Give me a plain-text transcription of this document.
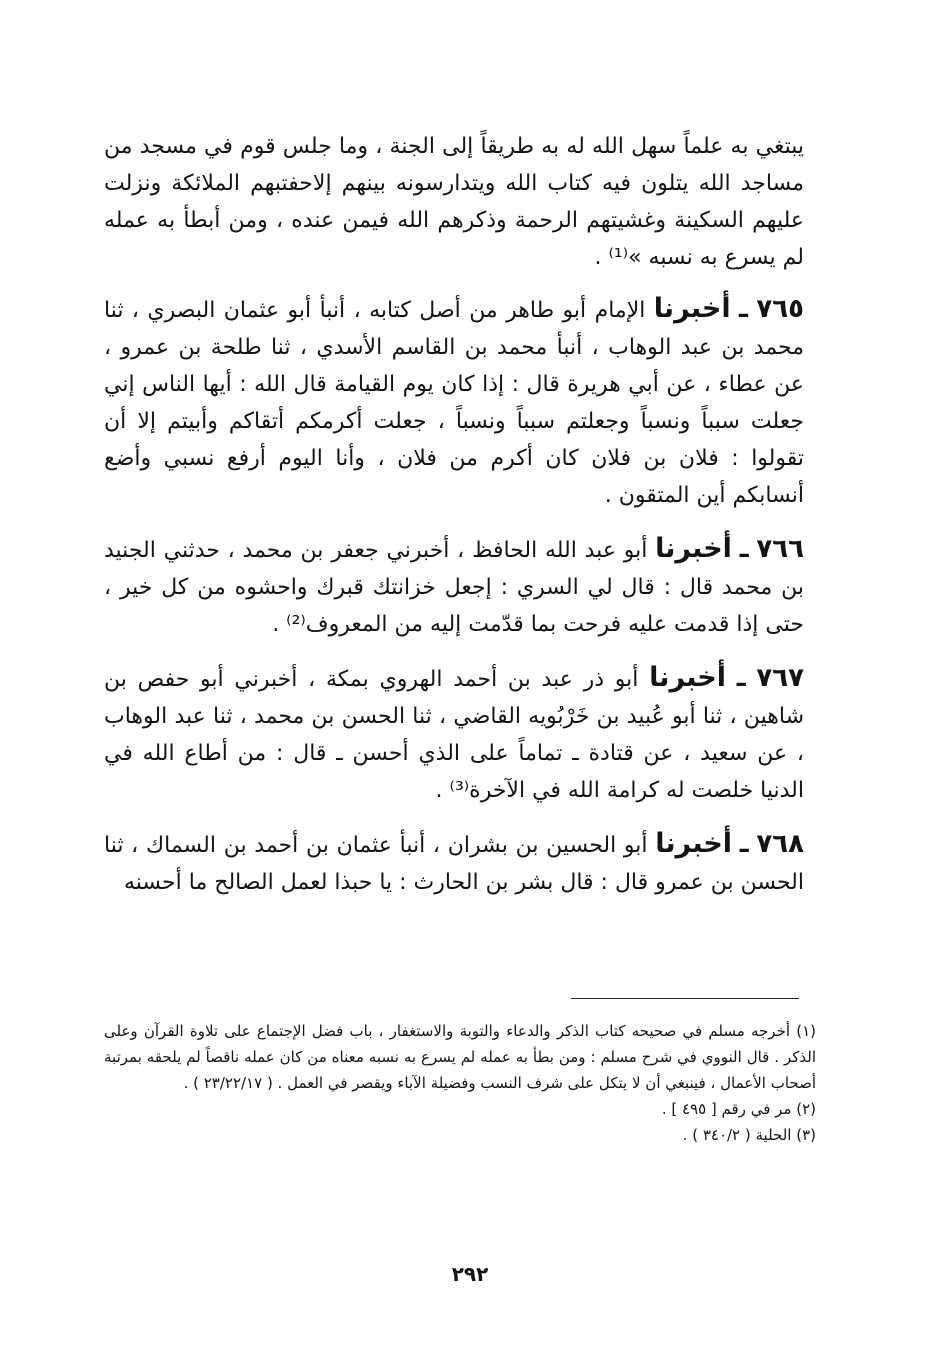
يبتغي به علماً سهل الله له به طريقاً إلى الجنة ، وما جلس قوم في مسجد من مساجد الله يتلون فيه كتاب الله ويتدارسونه بينهم إلاحفتبهم الملائكة ونزلت عليهم السكينة وغشيتهم الرحمة وذكرهم الله فيمن عنده ، ومن أبطأ به عمله لم يسرع به نسبه »⁽¹⁾ .

٧٦٥ ـ أخبرنا الإمام أبو طاهر من أصل كتابه ، أنبأ أبو عثمان البصري ، ثنا محمد بن عبد الوهاب ، أنبأ محمد بن القاسم الأسدي ، ثنا طلحة بن عمرو ، عن عطاء ، عن أبي هريرة قال : إذا كان يوم القيامة قال الله : أيها الناس إني جعلت سبباً ونسباً وجعلتم سبباً ونسباً ، جعلت أكرمكم أتقاكم وأبيتم إلا أن تقولوا : فلان بن فلان كان أكرم من فلان ، وأنا اليوم أرفع نسبي وأضع أنسابكم أين المتقون .

٧٦٦ ـ أخبرنا أبو عبد الله الحافظ ، أخبرني جعفر بن محمد ، حدثني الجنيد بن محمد قال : قال لي السري : إجعل خزانتك قبرك واحشوه من كل خير ، حتى إذا قدمت عليه فرحت بما قدّمت إليه من المعروف⁽²⁾ .

٧٦٧ ـ أخبرنا أبو ذر عبد بن أحمد الهروي بمكة ، أخبرني أبو حفص بن شاهين ، ثنا أبو عُبيد بن خَرْبُويه القاضي ، ثنا الحسن بن محمد ، ثنا عبد الوهاب ، عن سعيد ، عن قتادة ـ تماماً على الذي أحسن ـ قال : من أطاع الله في الدنيا خلصت له كرامة الله في الآخرة⁽³⁾ .

٧٦٨ ـ أخبرنا أبو الحسين بن بشران ، أنبأ عثمان بن أحمد بن السماك ، ثنا الحسن بن عمرو قال : قال بشر بن الحارث : يا حبذا لعمل الصالح ما أحسنه

(١) أخرجه مسلم في صحيحه كتاب الذكر والدعاء والتوبة والاستغفار ، باب فضل الإجتماع على تلاوة القرآن وعلى الذكر . قال النووي في شرح مسلم : ومن بطأ به عمله لم يسرع به نسبه معناه من كان عمله ناقصاً لم يلحقه بمرتبة أصحاب الأعمال ، فينبغي أن لا يتكل على شرف النسب وفضيلة الآباء ويقصر في العمل . ( ٢٣/٢٢/١٧ ) .

(٢) مر في رقم [ ٤٩٥ ] .

(٣) الحلية ( ٣٤٠/٢ ) .

٢٩٢
